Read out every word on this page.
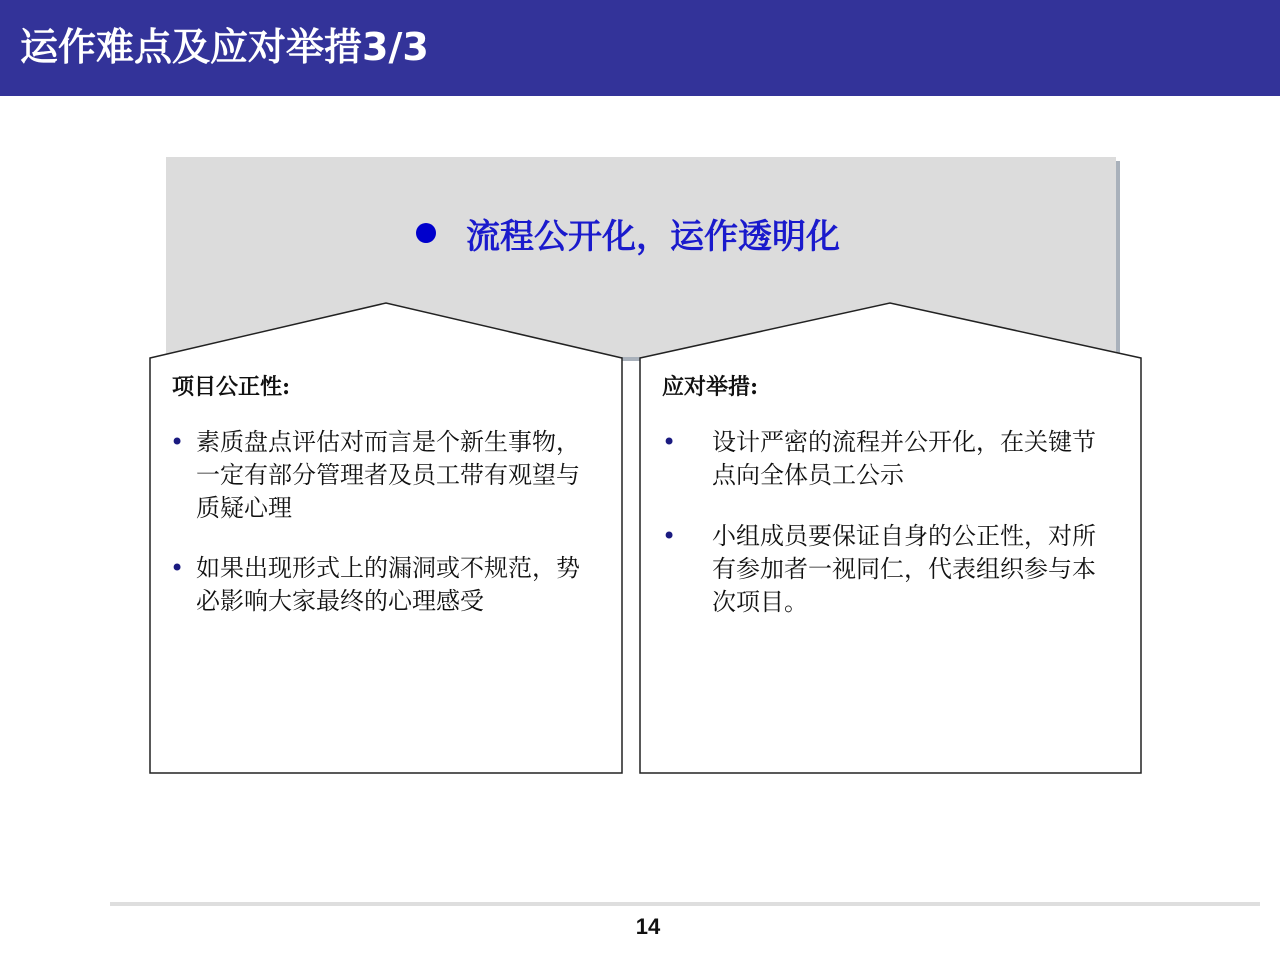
运作难点及应对举措3/3
流程公开化，运作透明化
项目公正性:
•
•
素质盘点评估对而言是个新生事物，一定有部分管理者及员工带有观望与质疑心理
如果出现形式上的漏洞或不规范，势必影响大家最终的心理感受
应对举措:
•
•
设计严密的流程并公开化，在关键节点向全体员工公示
小组成员要保证自身的公正性，对所有参加者一视同仁，代表组织参与本次项目。
14
